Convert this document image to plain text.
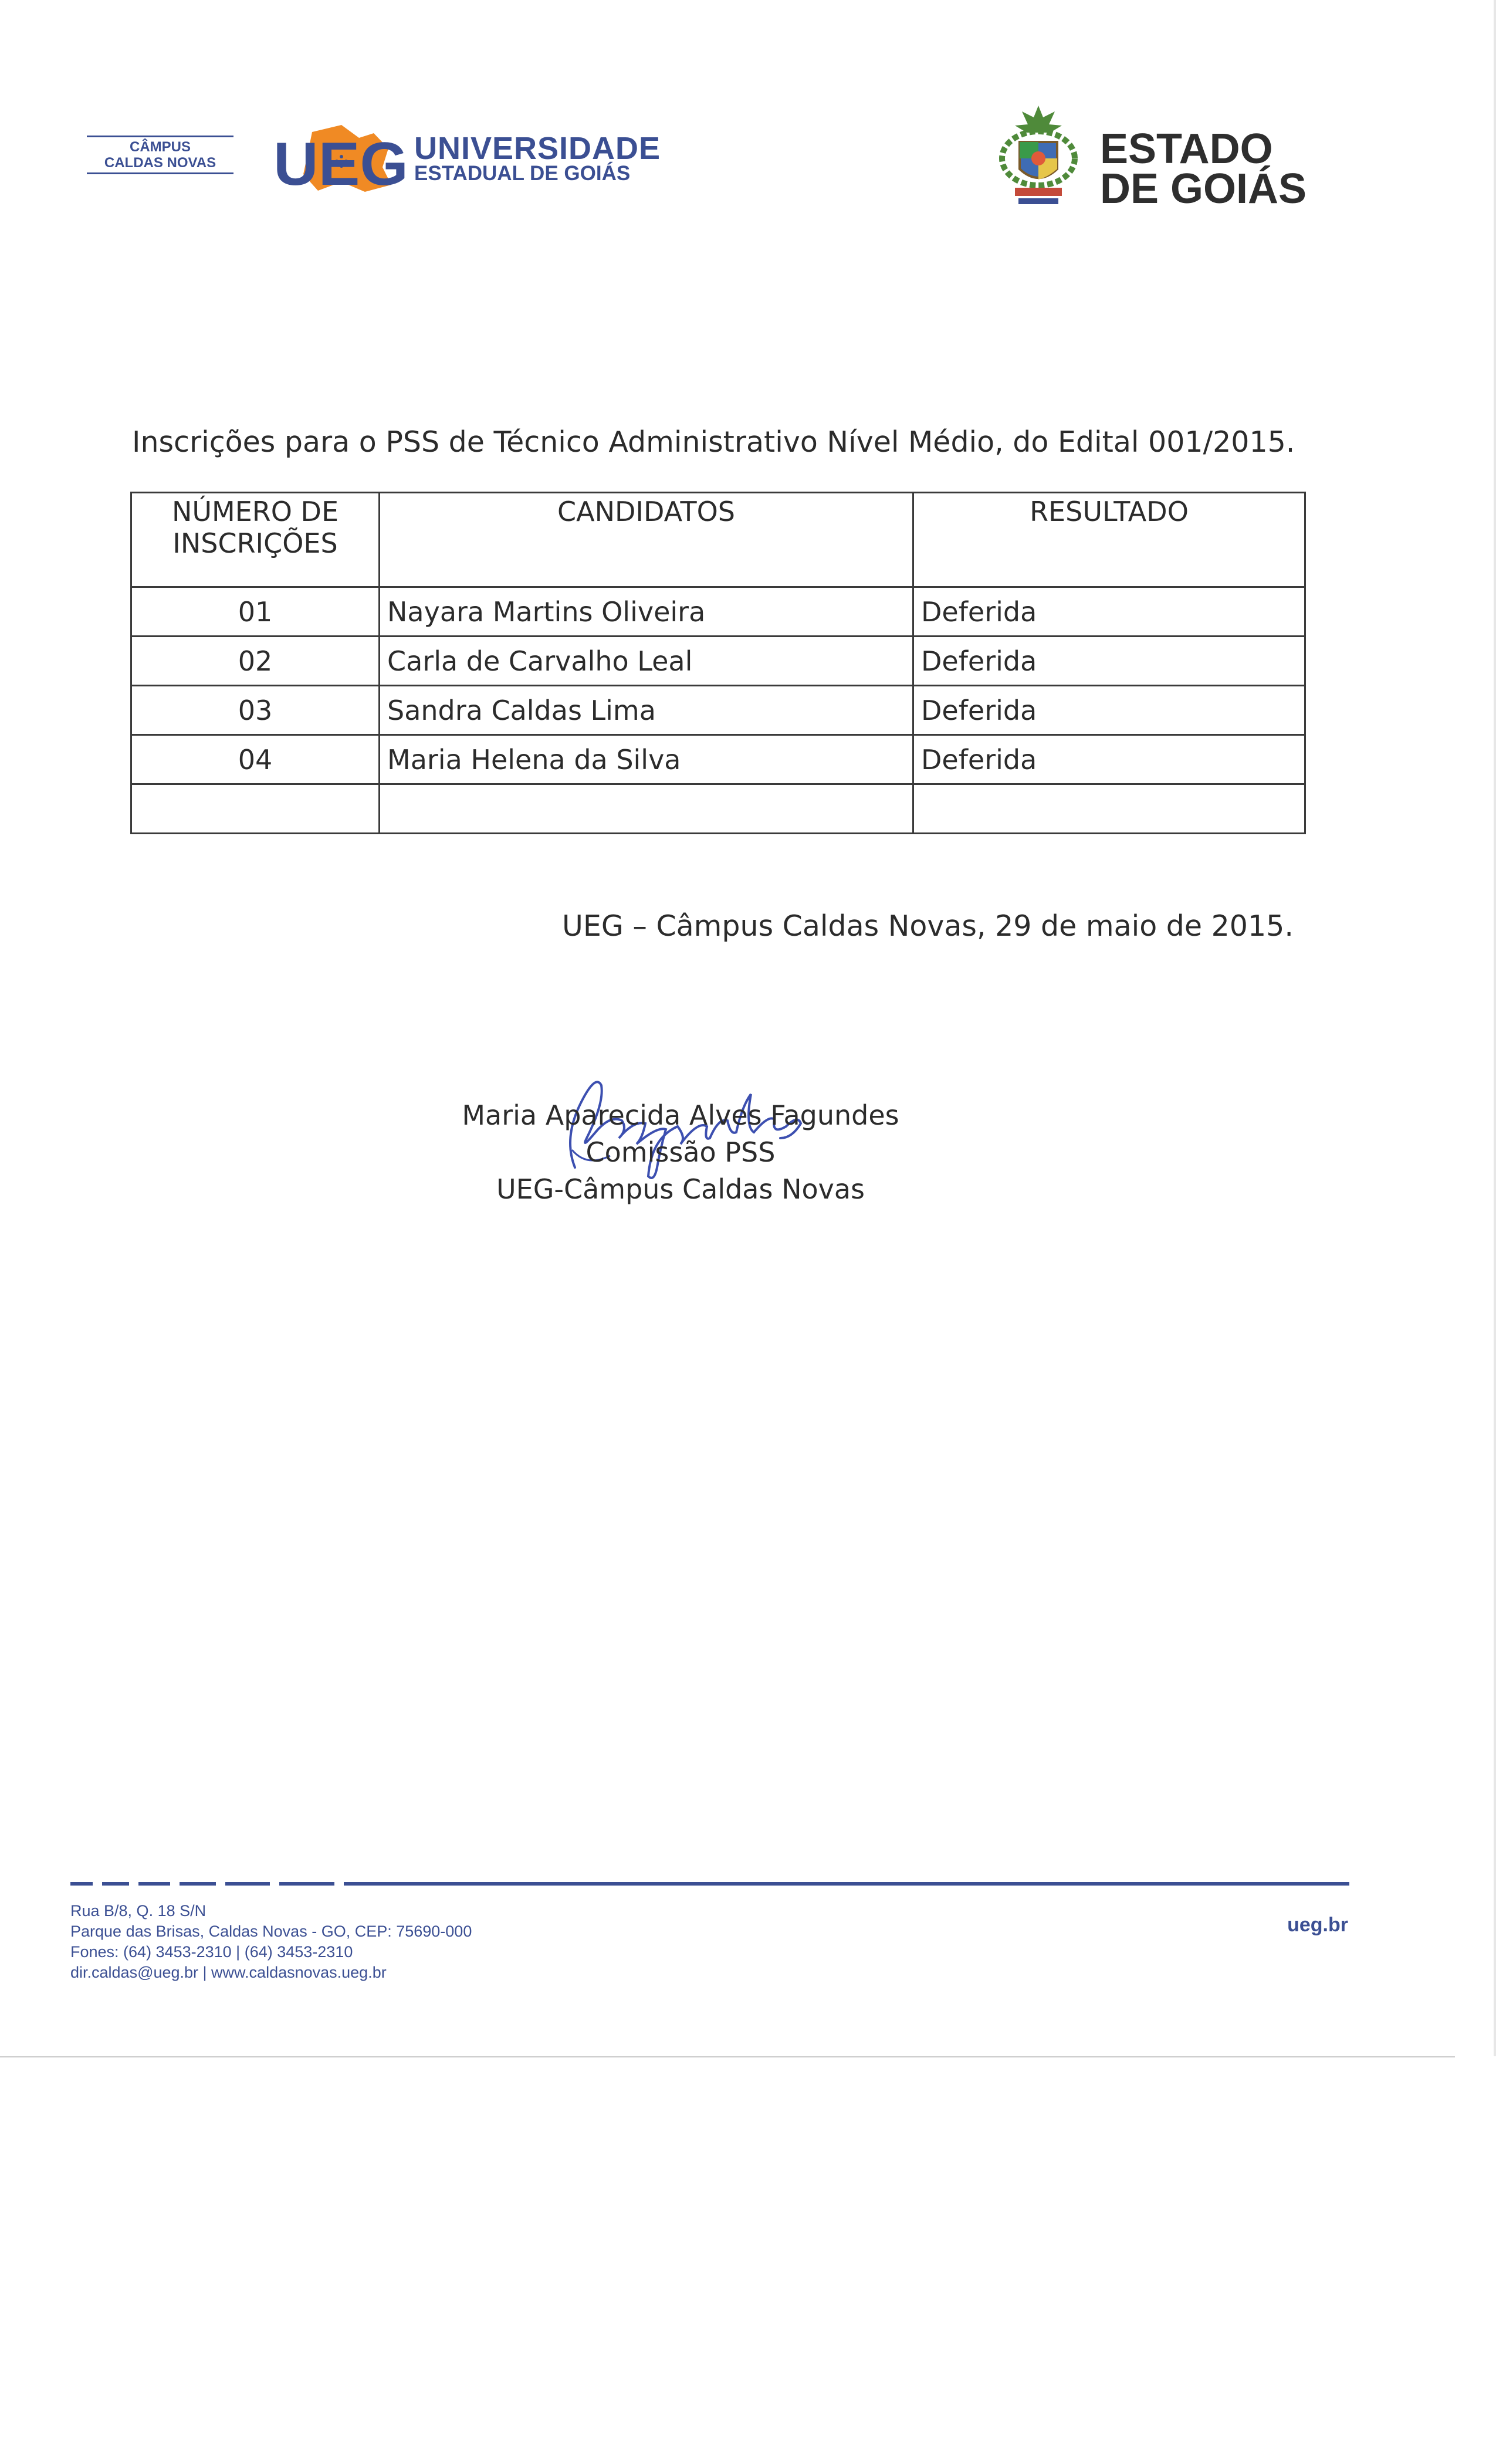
CÂMPUS
CALDAS NOVAS UEG UNIVERSIDADE
ESTADUAL DE GOIÁS
ESTADO
DE GOIÁS
Inscrições para o PSS de Técnico Administrativo Nível Médio, do Edital 001/2015.
NÚMERO DE
INSCRIÇÕES	CANDIDATOS	RESULTADO
01	Nayara Martins Oliveira	Deferida
02	Carla de Carvalho Leal	Deferida
03	Sandra Caldas Lima	Deferida
04	Maria Helena da Silva	Deferida

UEG – Câmpus Caldas Novas, 29 de maio de 2015.
Maria Aparecida Alves Fagundes
Comissão PSS
UEG-Câmpus Caldas Novas
Rua B/8, Q. 18 S/N
Parque das Brisas, Caldas Novas - GO, CEP: 75690-000
Fones: (64) 3453-2310 | (64) 3453-2310
dir.caldas@ueg.br | www.caldasnovas.ueg.br
ueg.br
